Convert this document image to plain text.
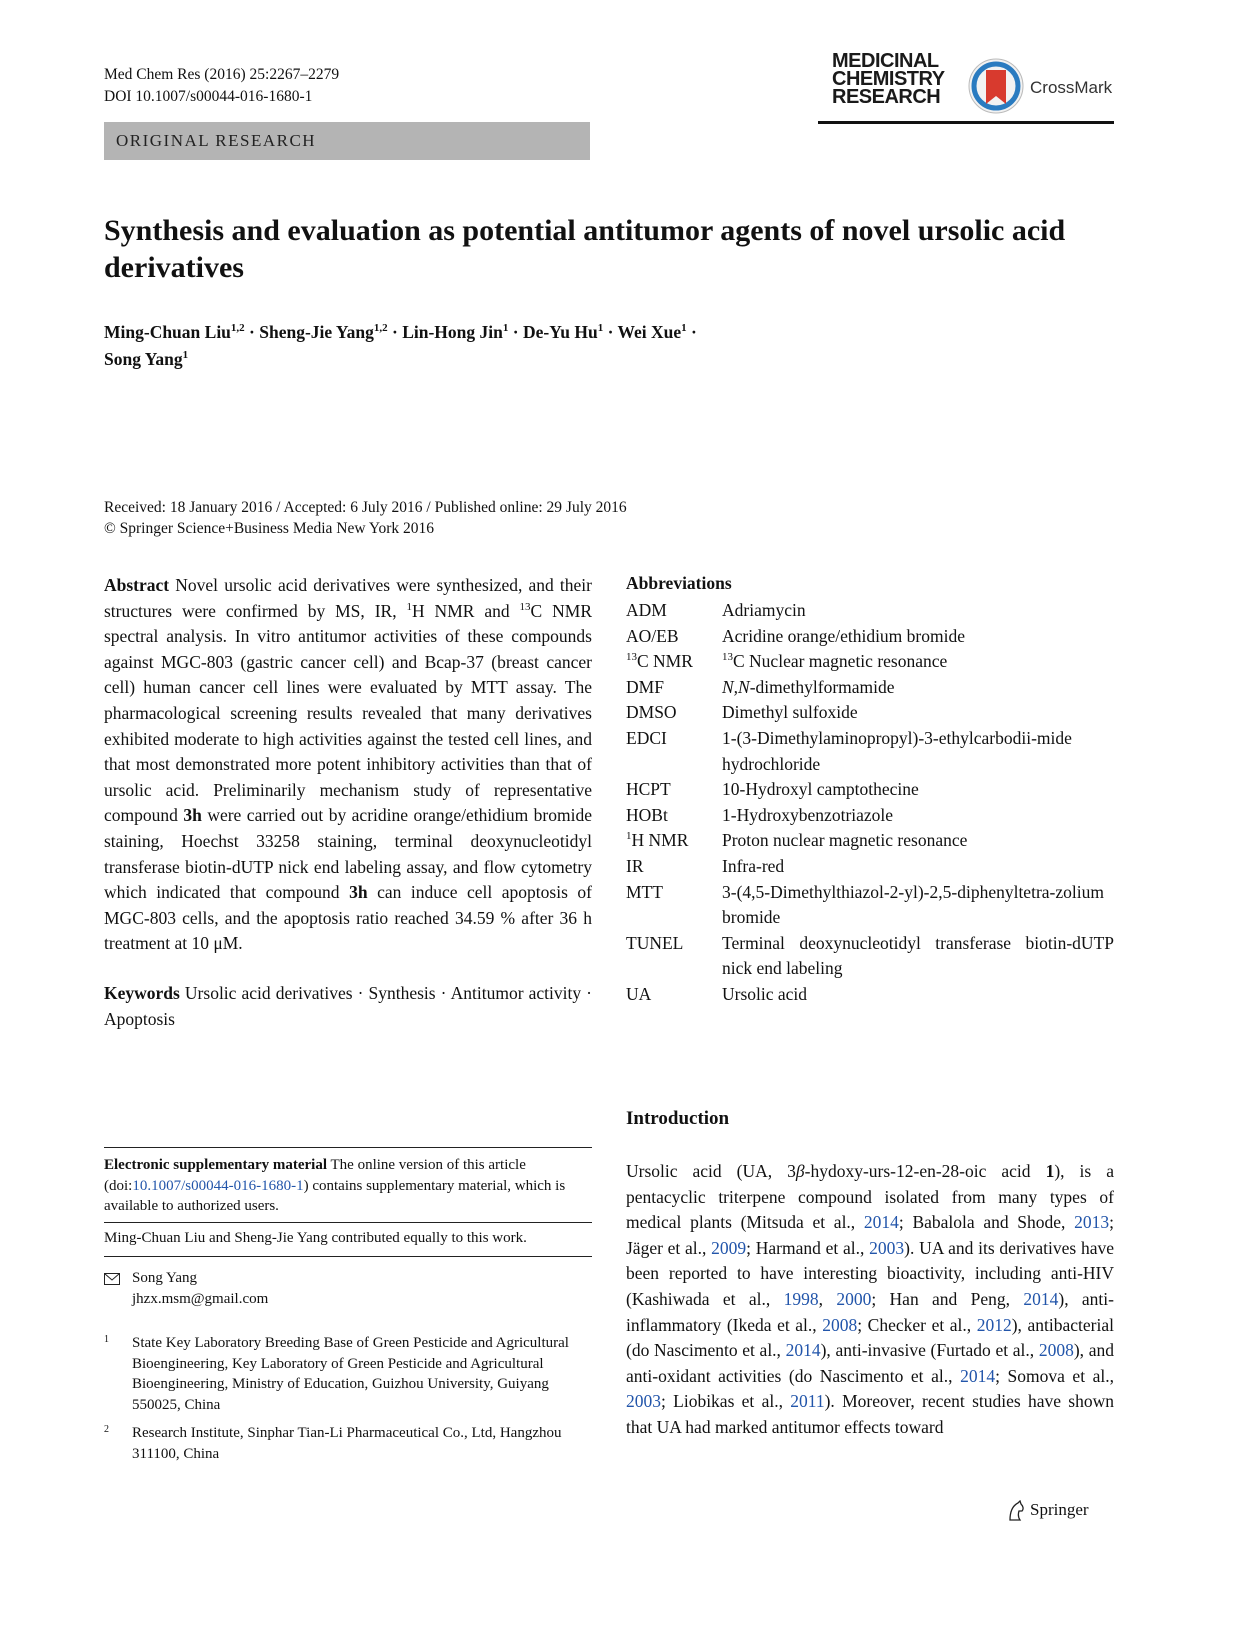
Med Chem Res (2016) 25:2267–2279
DOI 10.1007/s00044-016-1680-1
ORIGINAL RESEARCH
MEDICINAL
CHEMISTRY
RESEARCH	CrossMark
Synthesis and evaluation as potential antitumor agents of novel ursolic acid derivatives
Ming-Chuan Liu$^{1,2}$ · Sheng-Jie Yang$^{1,2}$ · Lin-Hong Jin$^1$ · De-Yu $Hu^1$ · Wei Xue$^1$ ·
Song Yang$^1$
Received: 18 January 2016 / Accepted: 6 July 2016 / Published online: 29 July 2016
© Springer Science+Business Media New York 2016

Abstract Novel ursolic acid derivatives were synthesized, and their structures were confirmed by MS, IR, $^1$H NMR and $^{13}$C NMR spectral analysis. In vitro antitumor activities of these compounds against MGC-803 (gastric cancer cell) and Bcap-37 (breast cancer cell) human cancer cell lines were evaluated by MTT assay. The pharmacological screening results revealed that many derivatives exhibited moderate to high activities against the tested cell lines, and that most demonstrated more potent inhibitory activities than that of ursolic acid. Preliminarily mechanism study of representative compound 3h were carried out by acridine orange/ethidium bromide staining, Hoechst 33258 staining, terminal deoxynucleotidyl transferase biotin-dUTP nick end labeling assay, and flow cytometry which indicated that compound 3h can induce cell apoptosis of MGC-803 cells, and the apoptosis ratio reached 34.59 % after 36 h treatment at 10 μM.

Keywords Ursolic acid derivatives · Synthesis · Antitumor activity · Apoptosis

Electronic supplementary material The online version of this article (doi:10.1007/s00044-016-1680-1) contains supplementary material, which is available to authorized users.
Ming-Chuan Liu and Sheng-Jie Yang contributed equally to this work.
Song Yang
jhzx.msm@gmail.com
1	State Key Laboratory Breeding Base of Green Pesticide and Agricultural Bioengineering, Key Laboratory of Green Pesticide and Agricultural Bioengineering, Ministry of Education, Guizhou University, Guiyang 550025, China
2	Research Institute, Sinphar Tian-Li Pharmaceutical Co., Ltd, Hangzhou 311100, China
Abbreviations
ADM	Adriamycin
AO/EB	Acridine orange/ethidium bromide
$^{13}$C NMR	$^{13}$C Nuclear magnetic resonance
DMF	N,N-dimethylformamide
DMSO	Dimethyl sulfoxide
EDCI	1-(3-Dimethylaminopropyl)-3-ethylcarbodii-mide hydrochloride
HCPT	10-Hydroxyl camptothecine
HOBt	1-Hydroxybenzotriazole
$^1$H NMR	Proton nuclear magnetic resonance
IR	Infra-red
MTT	3-(4,5-Dimethylthiazol-2-yl)-2,5-diphenyltetra-zolium bromide
TUNEL	Terminal deoxynucleotidyl transferase biotin-dUTP nick end labeling
UA	Ursolic acid
Introduction
Ursolic acid (UA, 3β-hydoxy-urs-12-en-28-oic acid 1), is a pentacyclic triterpene compound isolated from many types of medical plants (Mitsuda et al., 2014; Babalola and Shode, 2013; Jäger et al., 2009; Harmand et al., 2003). UA and its derivatives have been reported to have interesting bioactivity, including anti-HIV (Kashiwada et al., 1998, 2000; Han and Peng, 2014), anti-inflammatory (Ikeda et al., 2008; Checker et al., 2012), antibacterial (do Nascimento et al., 2014), anti-invasive (Furtado et al., 2008), and anti-oxidant activities (do Nascimento et al., 2014; Somova et al., 2003; Liobikas et al., 2011). Moreover, recent studies have shown that UA had marked antitumor effects toward
Springer
